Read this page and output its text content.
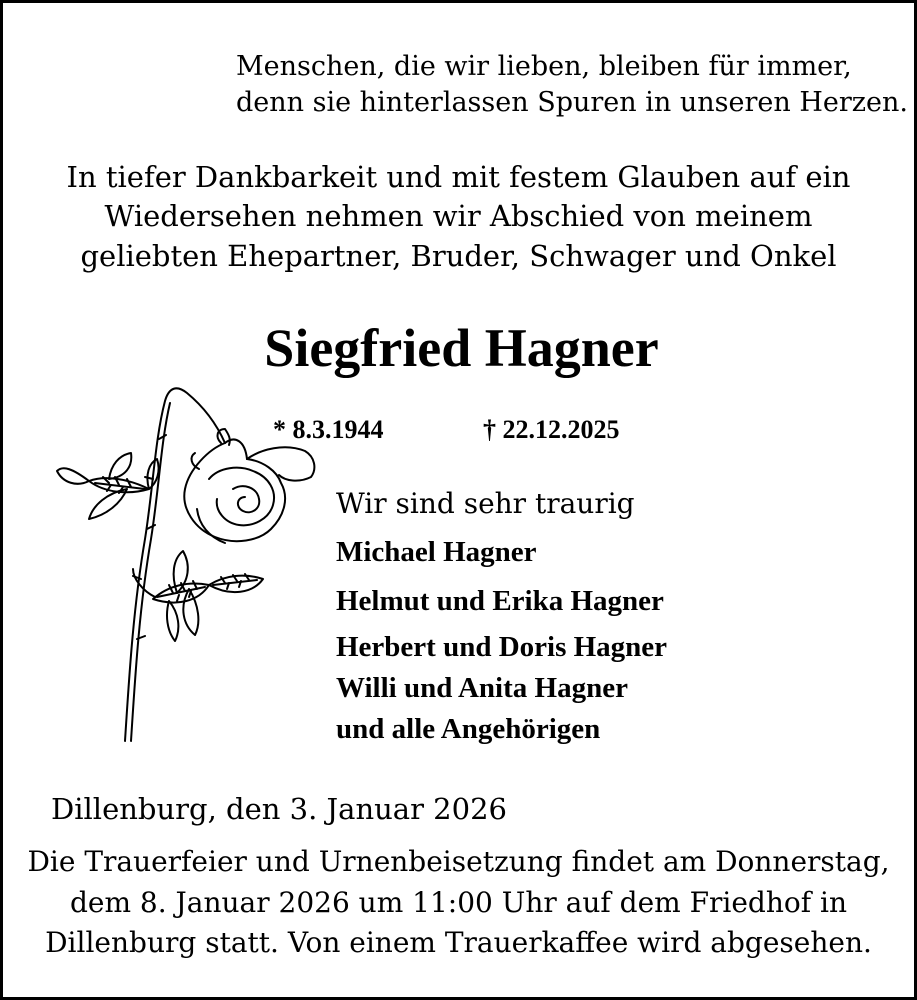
Menschen, die wir lieben, bleiben für immer,
denn sie hinterlassen Spuren in unseren Herzen.
In tiefer Dankbarkeit und mit festem Glauben auf ein
Wiedersehen nehmen wir Abschied von meinem
geliebten Ehepartner, Bruder, Schwager und Onkel
Siegfried Hagner
* 8.3.1944	† 22.12.2025
Wir sind sehr traurig
Michael Hagner
Helmut und Erika Hagner
Herbert und Doris Hagner
Willi und Anita Hagner
und alle Angehörigen
Dillenburg, den 3. Januar 2026
Die Trauerfeier und Urnenbeisetzung findet am Donnerstag,
dem 8. Januar 2026 um 11:00 Uhr auf dem Friedhof in
Dillenburg statt. Von einem Trauerkaffee wird abgesehen.
